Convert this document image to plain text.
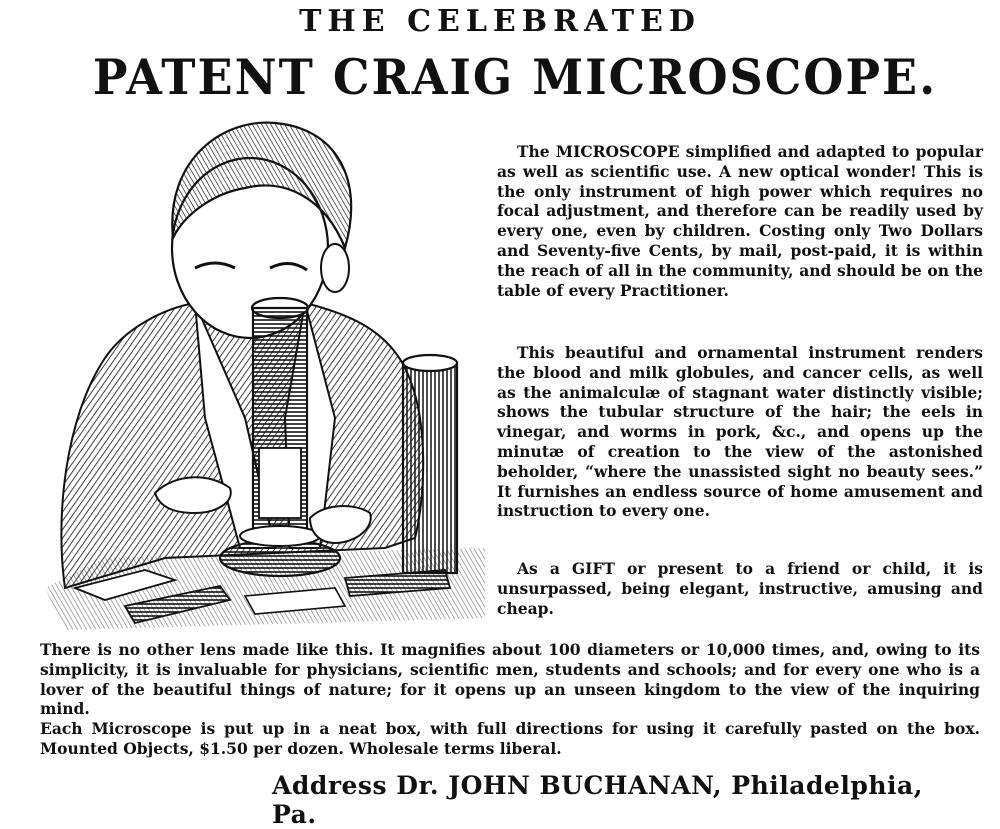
THE CELEBRATED
PATENT CRAIG MICROSCOPE.

The MICROSCOPE simplified and adapted to popular as well as scientific use. A new optical wonder! This is the only instrument of high power which requires no focal adjustment, and therefore can be readily used by every one, even by children. Costing only Two Dollars and Seventy-five Cents, by mail, post-paid, it is within the reach of all in the community, and should be on the table of every Practitioner.

This beautiful and ornamental instrument renders the blood and milk globules, and cancer cells, as well as the animalculæ of stagnant water distinctly visible; shows the tubular structure of the hair; the eels in vinegar, and worms in pork, &c., and opens up the minutæ of creation to the view of the astonished beholder, “where the unassisted sight no beauty sees.” It furnishes an endless source of home amusement and instruction to every one.

As a GIFT or present to a friend or child, it is unsurpassed, being elegant, instructive, amusing and cheap.

There is no other lens made like this. It magnifies about 100 diameters or 10,000 times, and, owing to its simplicity, it is invaluable for physicians, scientific men, students and schools; and for every one who is a lover of the beautiful things of nature; for it opens up an unseen kingdom to the view of the inquiring mind.

Each Microscope is put up in a neat box, with full directions for using it carefully pasted on the box. Mounted Objects, $1.50 per dozen. Wholesale terms liberal.

Address Dr. JOHN BUCHANAN, Philadelphia, Pa.
